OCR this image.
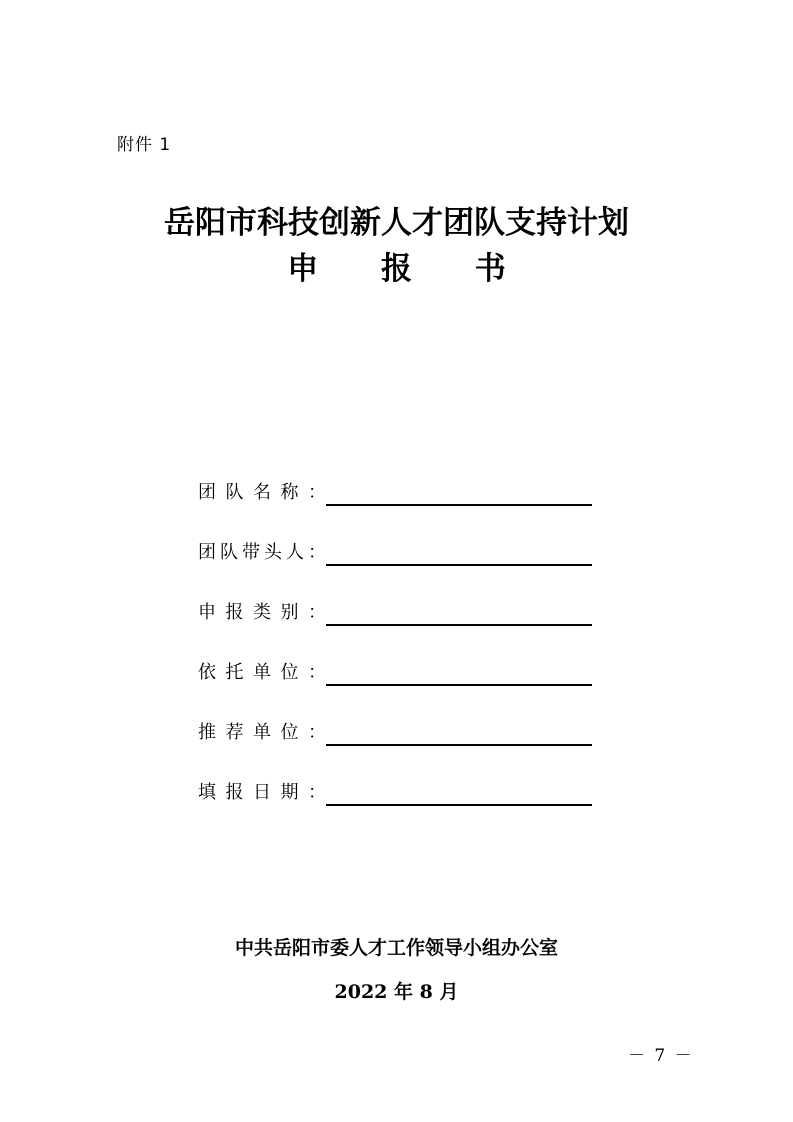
附件 1
岳阳市科技创新人才团队支持计划
申 报 书
团队名称：
团队带头人：
申报类别：
依托单位：
推荐单位：
填报日期：
中共岳阳市委人才工作领导小组办公室
2022 年 8 月
－ 7 －
